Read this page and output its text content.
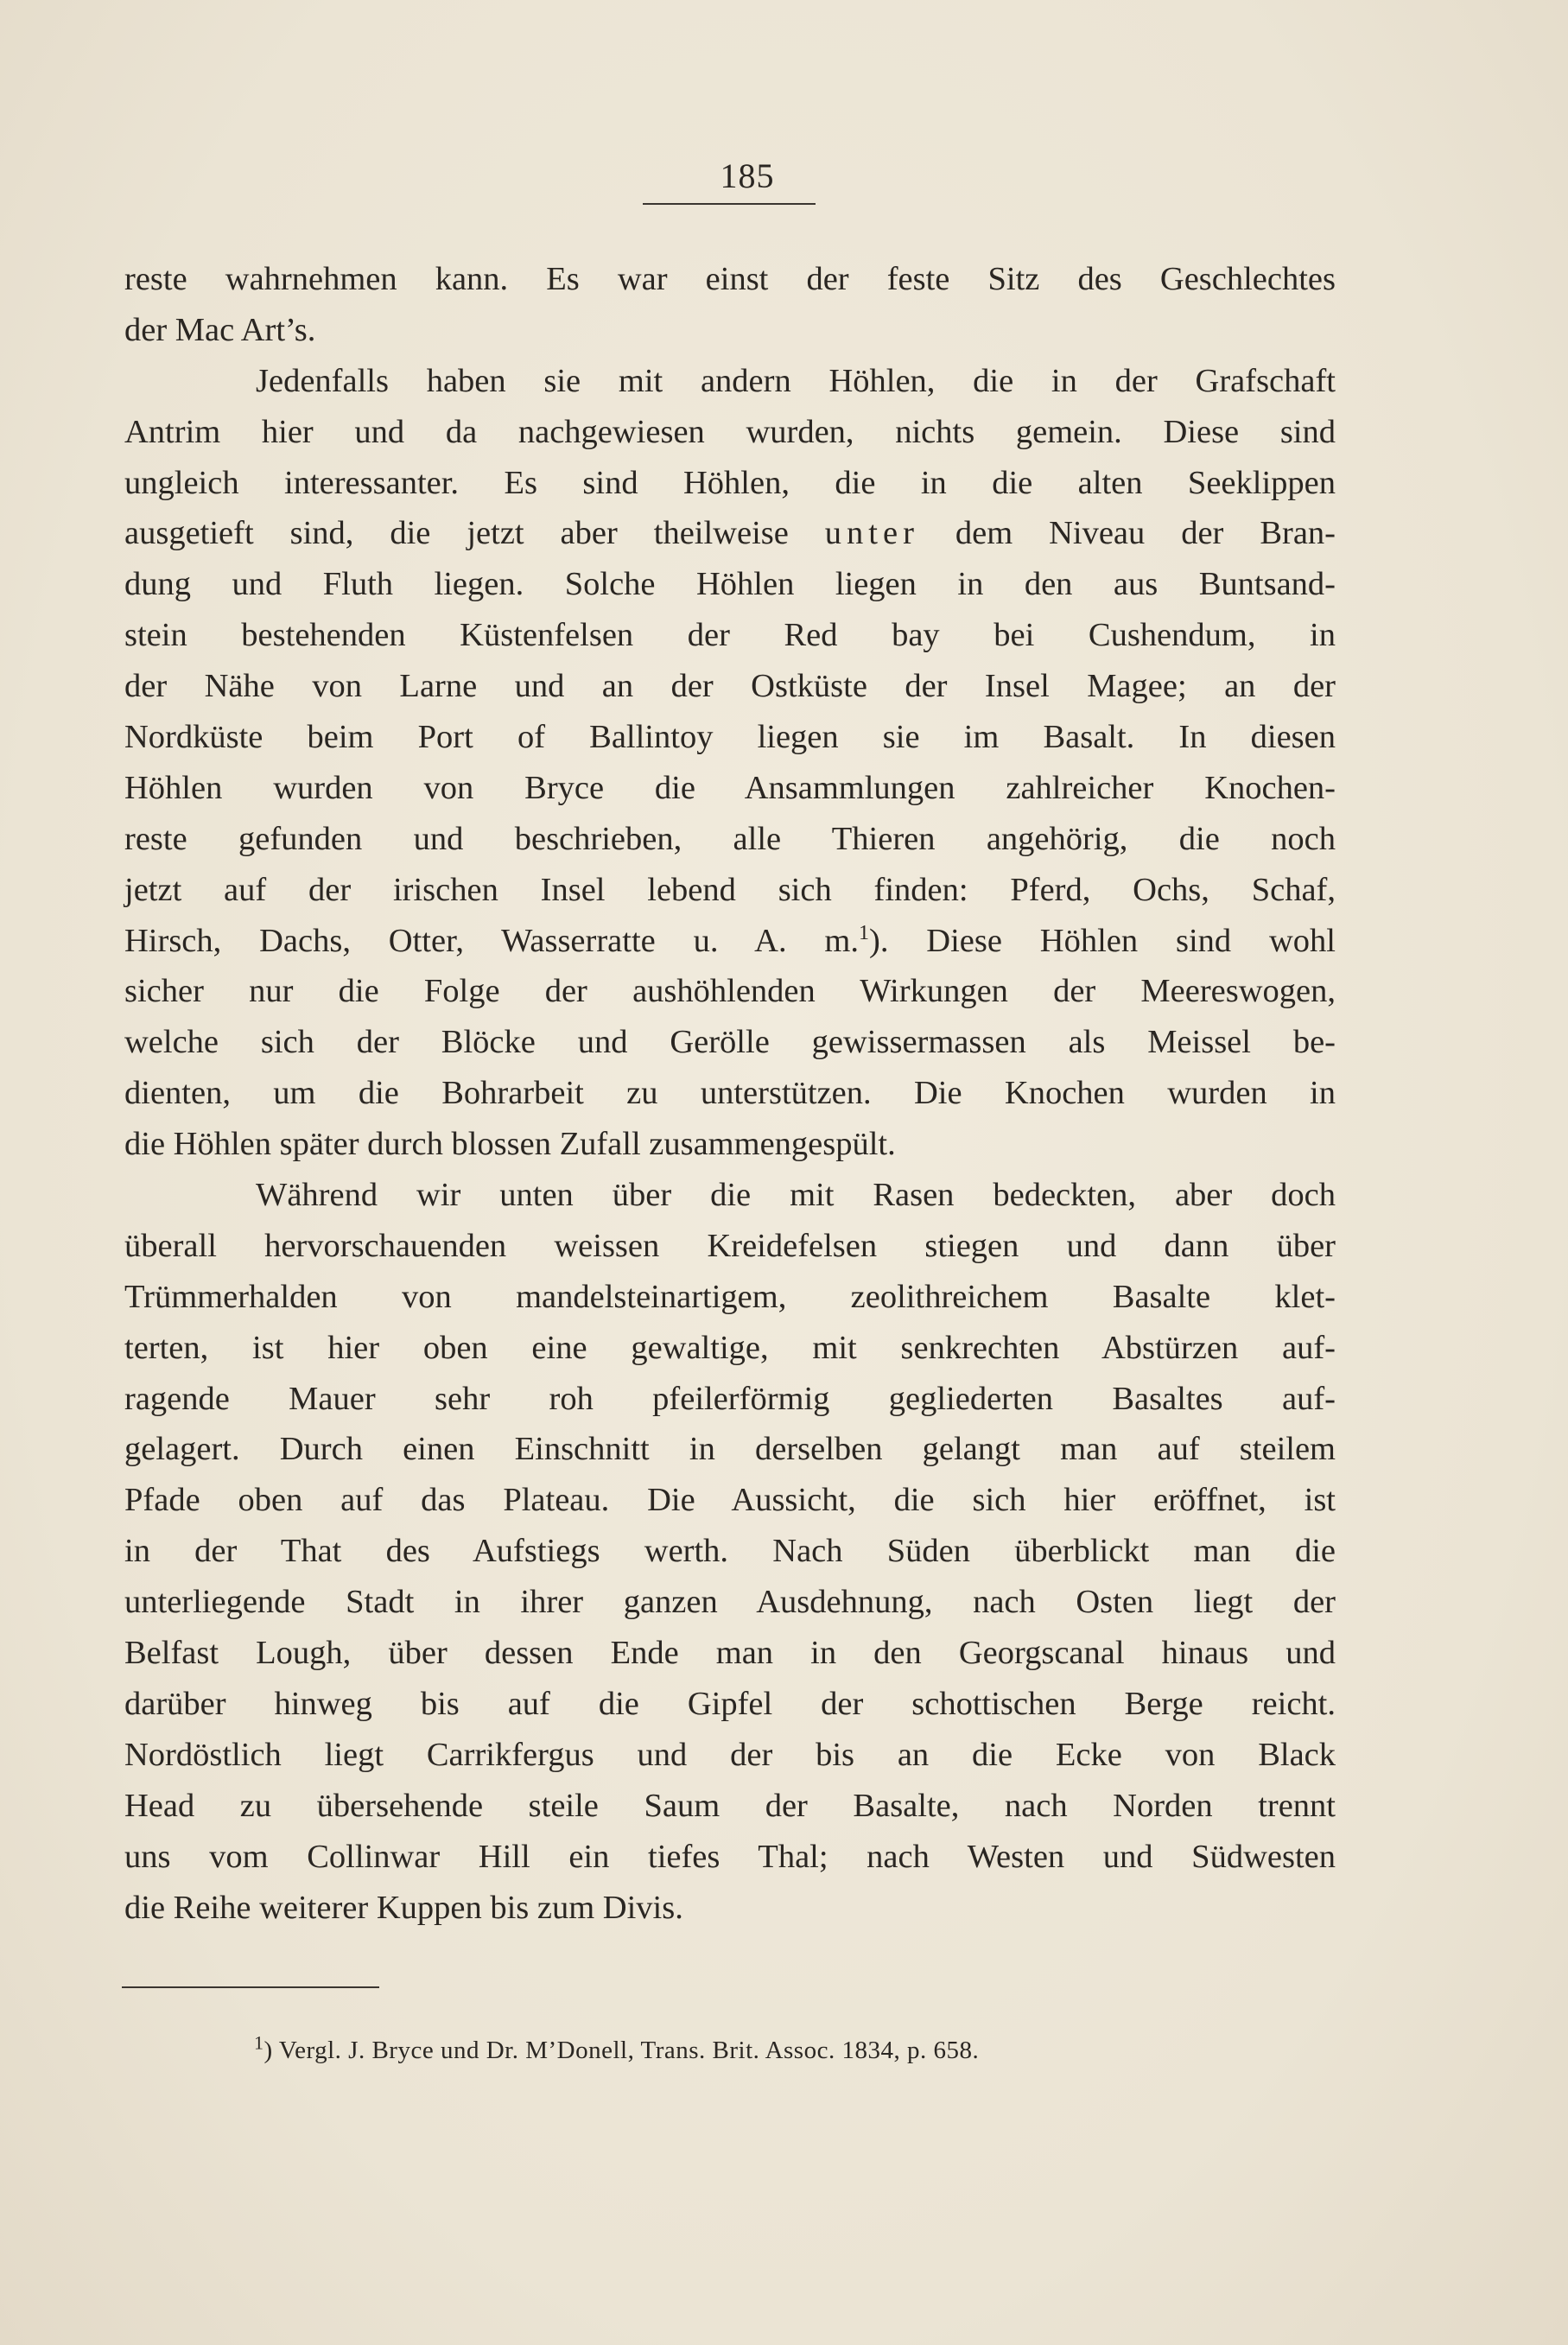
185
reste wahrnehmen kann. Es war einst der feste Sitz des Geschlechtes
der Mac Art’s.
Jedenfalls haben sie mit andern Höhlen, die in der Grafschaft
Antrim hier und da nachgewiesen wurden, nichts gemein. Diese sind
ungleich interessanter. Es sind Höhlen, die in die alten Seeklippen
ausgetieft sind, die jetzt aber theilweise unter dem Niveau der Bran-
dung und Fluth liegen. Solche Höhlen liegen in den aus Buntsand-
stein bestehenden Küstenfelsen der Red bay bei Cushendum, in
der Nähe von Larne und an der Ostküste der Insel Magee; an der
Nordküste beim Port of Ballintoy liegen sie im Basalt. In diesen
Höhlen wurden von Bryce die Ansammlungen zahlreicher Knochen-
reste gefunden und beschrieben, alle Thieren angehörig, die noch
jetzt auf der irischen Insel lebend sich finden: Pferd, Ochs, Schaf,
Hirsch, Dachs, Otter, Wasserratte u. A. m.$^1$). Diese Höhlen sind wohl
sicher nur die Folge der aushöhlenden Wirkungen der Meereswogen,
welche sich der Blöcke und Gerölle gewissermassen als Meissel be-
dienten, um die Bohrarbeit zu unterstützen. Die Knochen wurden in
die Höhlen später durch blossen Zufall zusammengespült.
Während wir unten über die mit Rasen bedeckten, aber doch
überall hervorschauenden weissen Kreidefelsen stiegen und dann über
Trümmerhalden von mandelsteinartigem, zeolithreichem Basalte klet-
terten, ist hier oben eine gewaltige, mit senkrechten Abstürzen auf-
ragende Mauer sehr roh pfeilerförmig gegliederten Basaltes auf-
gelagert. Durch einen Einschnitt in derselben gelangt man auf steilem
Pfade oben auf das Plateau. Die Aussicht, die sich hier eröffnet, ist
in der That des Aufstiegs werth. Nach Süden überblickt man die
unterliegende Stadt in ihrer ganzen Ausdehnung, nach Osten liegt der
Belfast Lough, über dessen Ende man in den Georgscanal hinaus und
darüber hinweg bis auf die Gipfel der schottischen Berge reicht.
Nordöstlich liegt Carrikfergus und der bis an die Ecke von Black
Head zu übersehende steile Saum der Basalte, nach Norden trennt
uns vom Collinwar Hill ein tiefes Thal; nach Westen und Südwesten
die Reihe weiterer Kuppen bis zum Divis.
$^1$) Vergl. J. Bryce und Dr. M’Donell, Trans. Brit. Assoc. 1834, p. 658.
